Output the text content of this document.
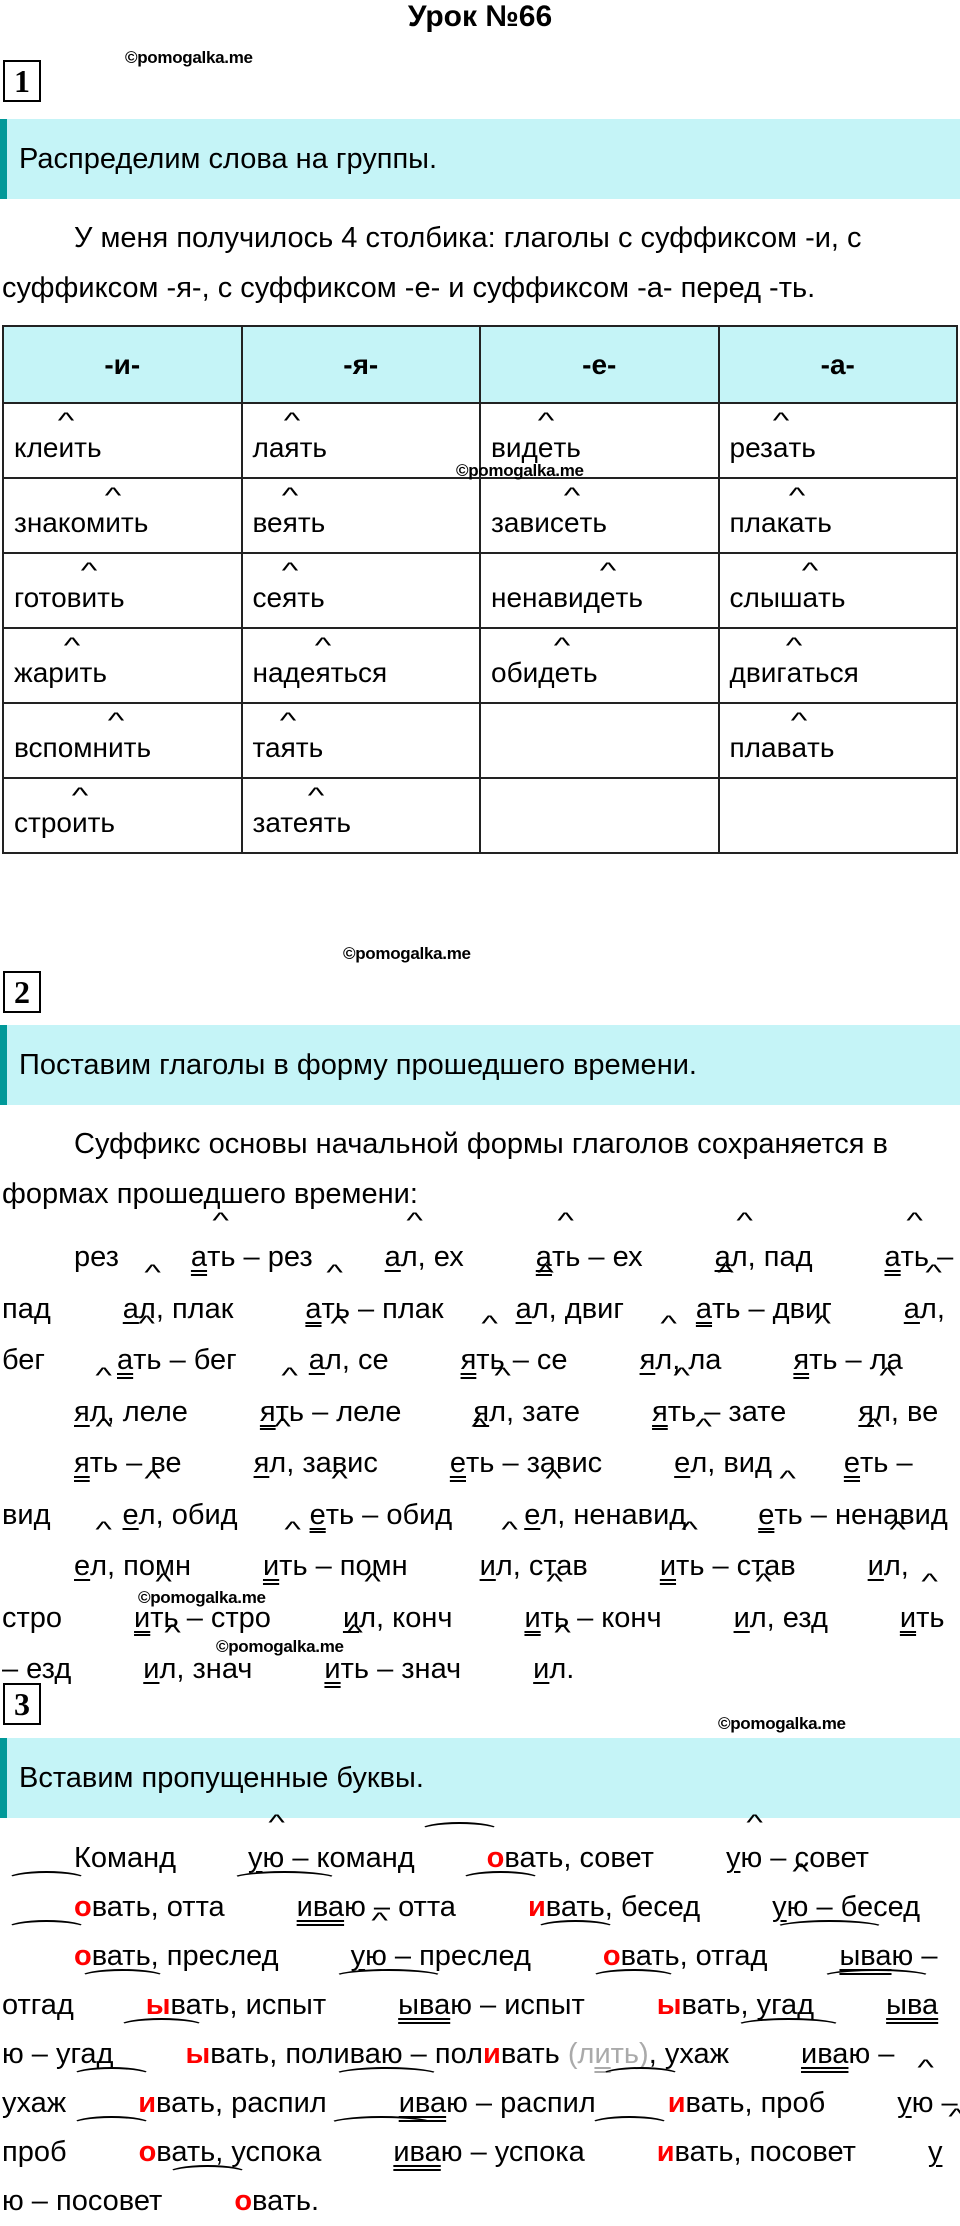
Урок №66
1
Распределим слова на группы.
У меня получилось 4 столбика: глаголы с суффиксом -и, с суффиксом -я-, с суффиксом -е- и суффиксом -а- перед -ть.
-и-	-я-	-е-	-а-
кле^ ить	ла^ ять	вид^ еть	рез^ ать
знаком^ ить	ве^ ять	завис^ еть	плак^ ать
готов^ ить	се^ ять	ненавид^ еть	слыш^ ать
жар^ ить	наде^ яться	обид^ еть	двиг^ аться
вспомн^ ить	та^ ять		плав^ ать
стро^ ить	зате^ ять		
2
Поставим глаголы в форму прошедшего времени.
Суффикс основы начальной формы глаголов сохраняется в формах прошедшего времени:
рез ^ ать – рез ^ ал, ех ^ ать – ех ^ ал, пад ^ ать – пад ^ ал, плак ^ ать – плак ^ ал, двиг ^ ать – двиг ^ ал, бег ^ ать – бег ^ ал, се ^ ять – се ^ ял, ла ^ ять – ла^ ял, леле ^ ять – леле ^ ял, зате ^ ять – зате ^ ял, ве^ ять – ве ^ ял, завис ^ еть – завис ^ ел, вид ^ еть – вид ^ ел, обид ^ еть – обид ^ ел, ненавид ^ еть – ненавид^ ел, помн ^ ить – помн ^ ил, став ^ ить – став ^ ил, стро ^ ить – стро ^ ил, конч ^ ить – конч ^ ил, езд ^ ить – езд ^ ил, знач ^ ить – знач ^ ил.
3
Вставим пропущенные буквы.
Команд ^ ую – команд овать, совет ^ ую – советовать, отта иваю – отта ивать, бесед ^ ую – беседовать, преслед ^ ую – преслед овать, отгад ываю – отгад ывать, испыт ываю – испыт ывать, угад ываю – угад ывать, поливаю – поливать (лить), ухаж иваю – ухаж ивать, распил иваю – распил ивать, проб ^ ую – проб овать, успока иваю – успока ивать, посовет ^ ую – посовет овать.
©pomogalka.me
©pomogalka.me
©pomogalka.me
©pomogalka.me
©pomogalka.me
©pomogalka.me
